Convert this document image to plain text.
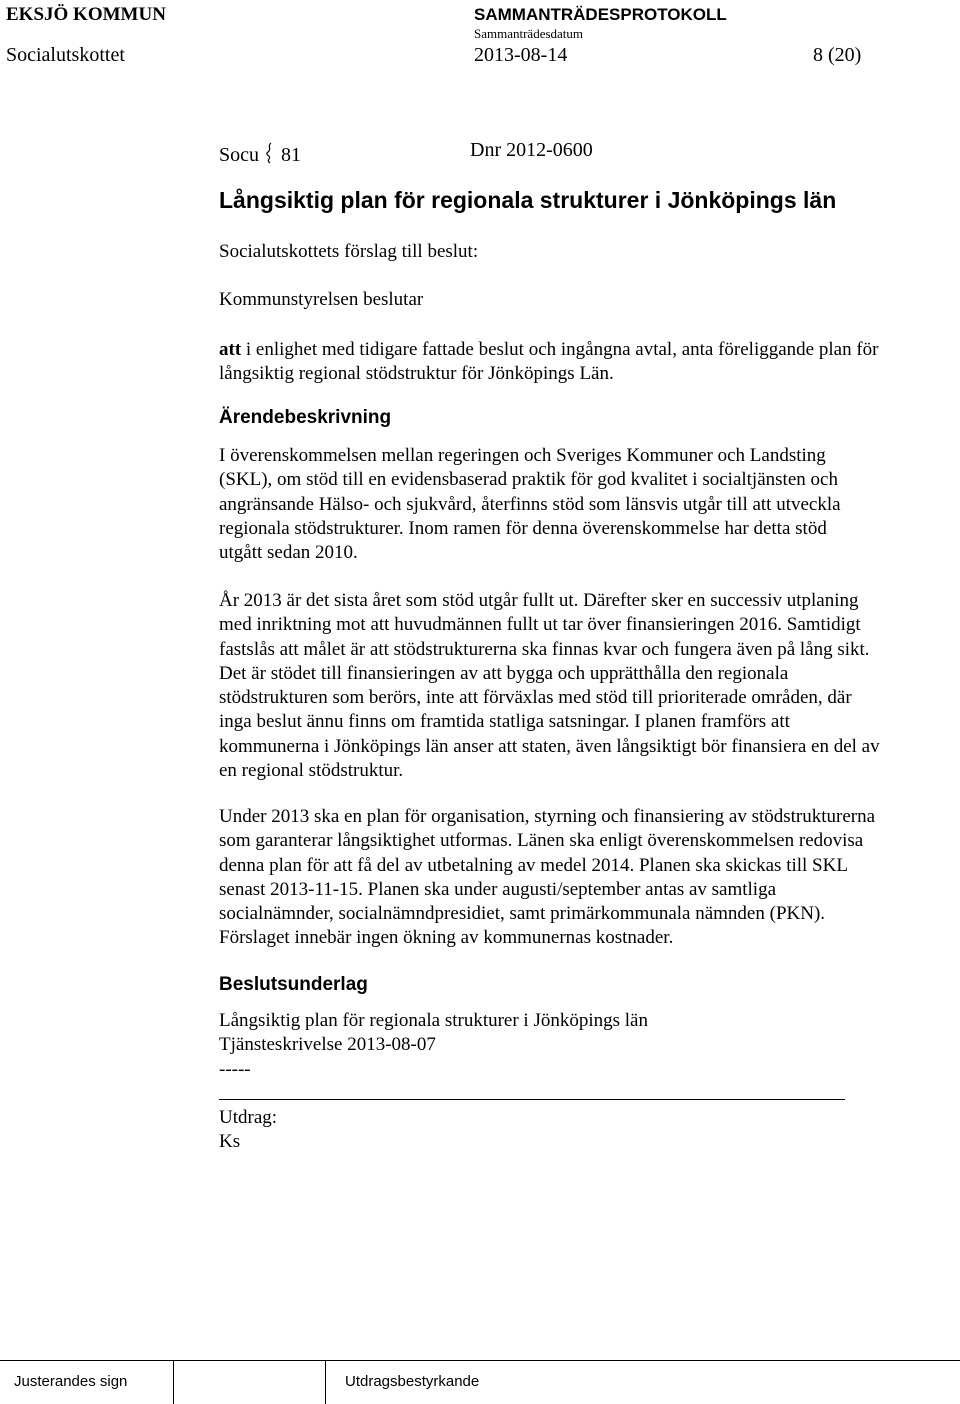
EKSJÖ KOMMUN	SAMMANTRÄDESPROTOKOLL
Sammanträdesdatum
Socialutskottet	2013-08-14	8 (20)
Socu 81	Dnr 2012-0600
Långsiktig plan för regionala strukturer i Jönköpings län
Socialutskottets förslag till beslut:
Kommunstyrelsen beslutar
att i enlighet med tidigare fattade beslut och ingångna avtal, anta föreliggande plan för
långsiktig regional stödstruktur för Jönköpings Län.
Ärendebeskrivning
I överenskommelsen mellan regeringen och Sveriges Kommuner och Landsting
(SKL), om stöd till en evidensbaserad praktik för god kvalitet i socialtjänsten och
angränsande Hälso- och sjukvård, återfinns stöd som länsvis utgår till att utveckla
regionala stödstrukturer. Inom ramen för denna överenskommelse har detta stöd
utgått sedan 2010.
År 2013 är det sista året som stöd utgår fullt ut. Därefter sker en successiv utplaning
med inriktning mot att huvudmännen fullt ut tar över finansieringen 2016. Samtidigt
fastslås att målet är att stödstrukturerna ska finnas kvar och fungera även på lång sikt.
Det är stödet till finansieringen av att bygga och upprätthålla den regionala
stödstrukturen som berörs, inte att förväxlas med stöd till prioriterade områden, där
inga beslut ännu finns om framtida statliga satsningar. I planen framförs att
kommunerna i Jönköpings län anser att staten, även långsiktigt bör finansiera en del av
en regional stödstruktur.
Under 2013 ska en plan för organisation, styrning och finansiering av stödstrukturerna
som garanterar långsiktighet utformas. Länen ska enligt överenskommelsen redovisa
denna plan för att få del av utbetalning av medel 2014. Planen ska skickas till SKL
senast 2013-11-15. Planen ska under augusti/september antas av samtliga
socialnämnder, socialnämndpresidiet, samt primärkommunala nämnden (PKN).
Förslaget innebär ingen ökning av kommunernas kostnader.
Beslutsunderlag
Långsiktig plan för regionala strukturer i Jönköpings län
Tjänsteskrivelse 2013-08-07
-----
Utdrag:
Ks
Justerandes sign	Utdragsbestyrkande
